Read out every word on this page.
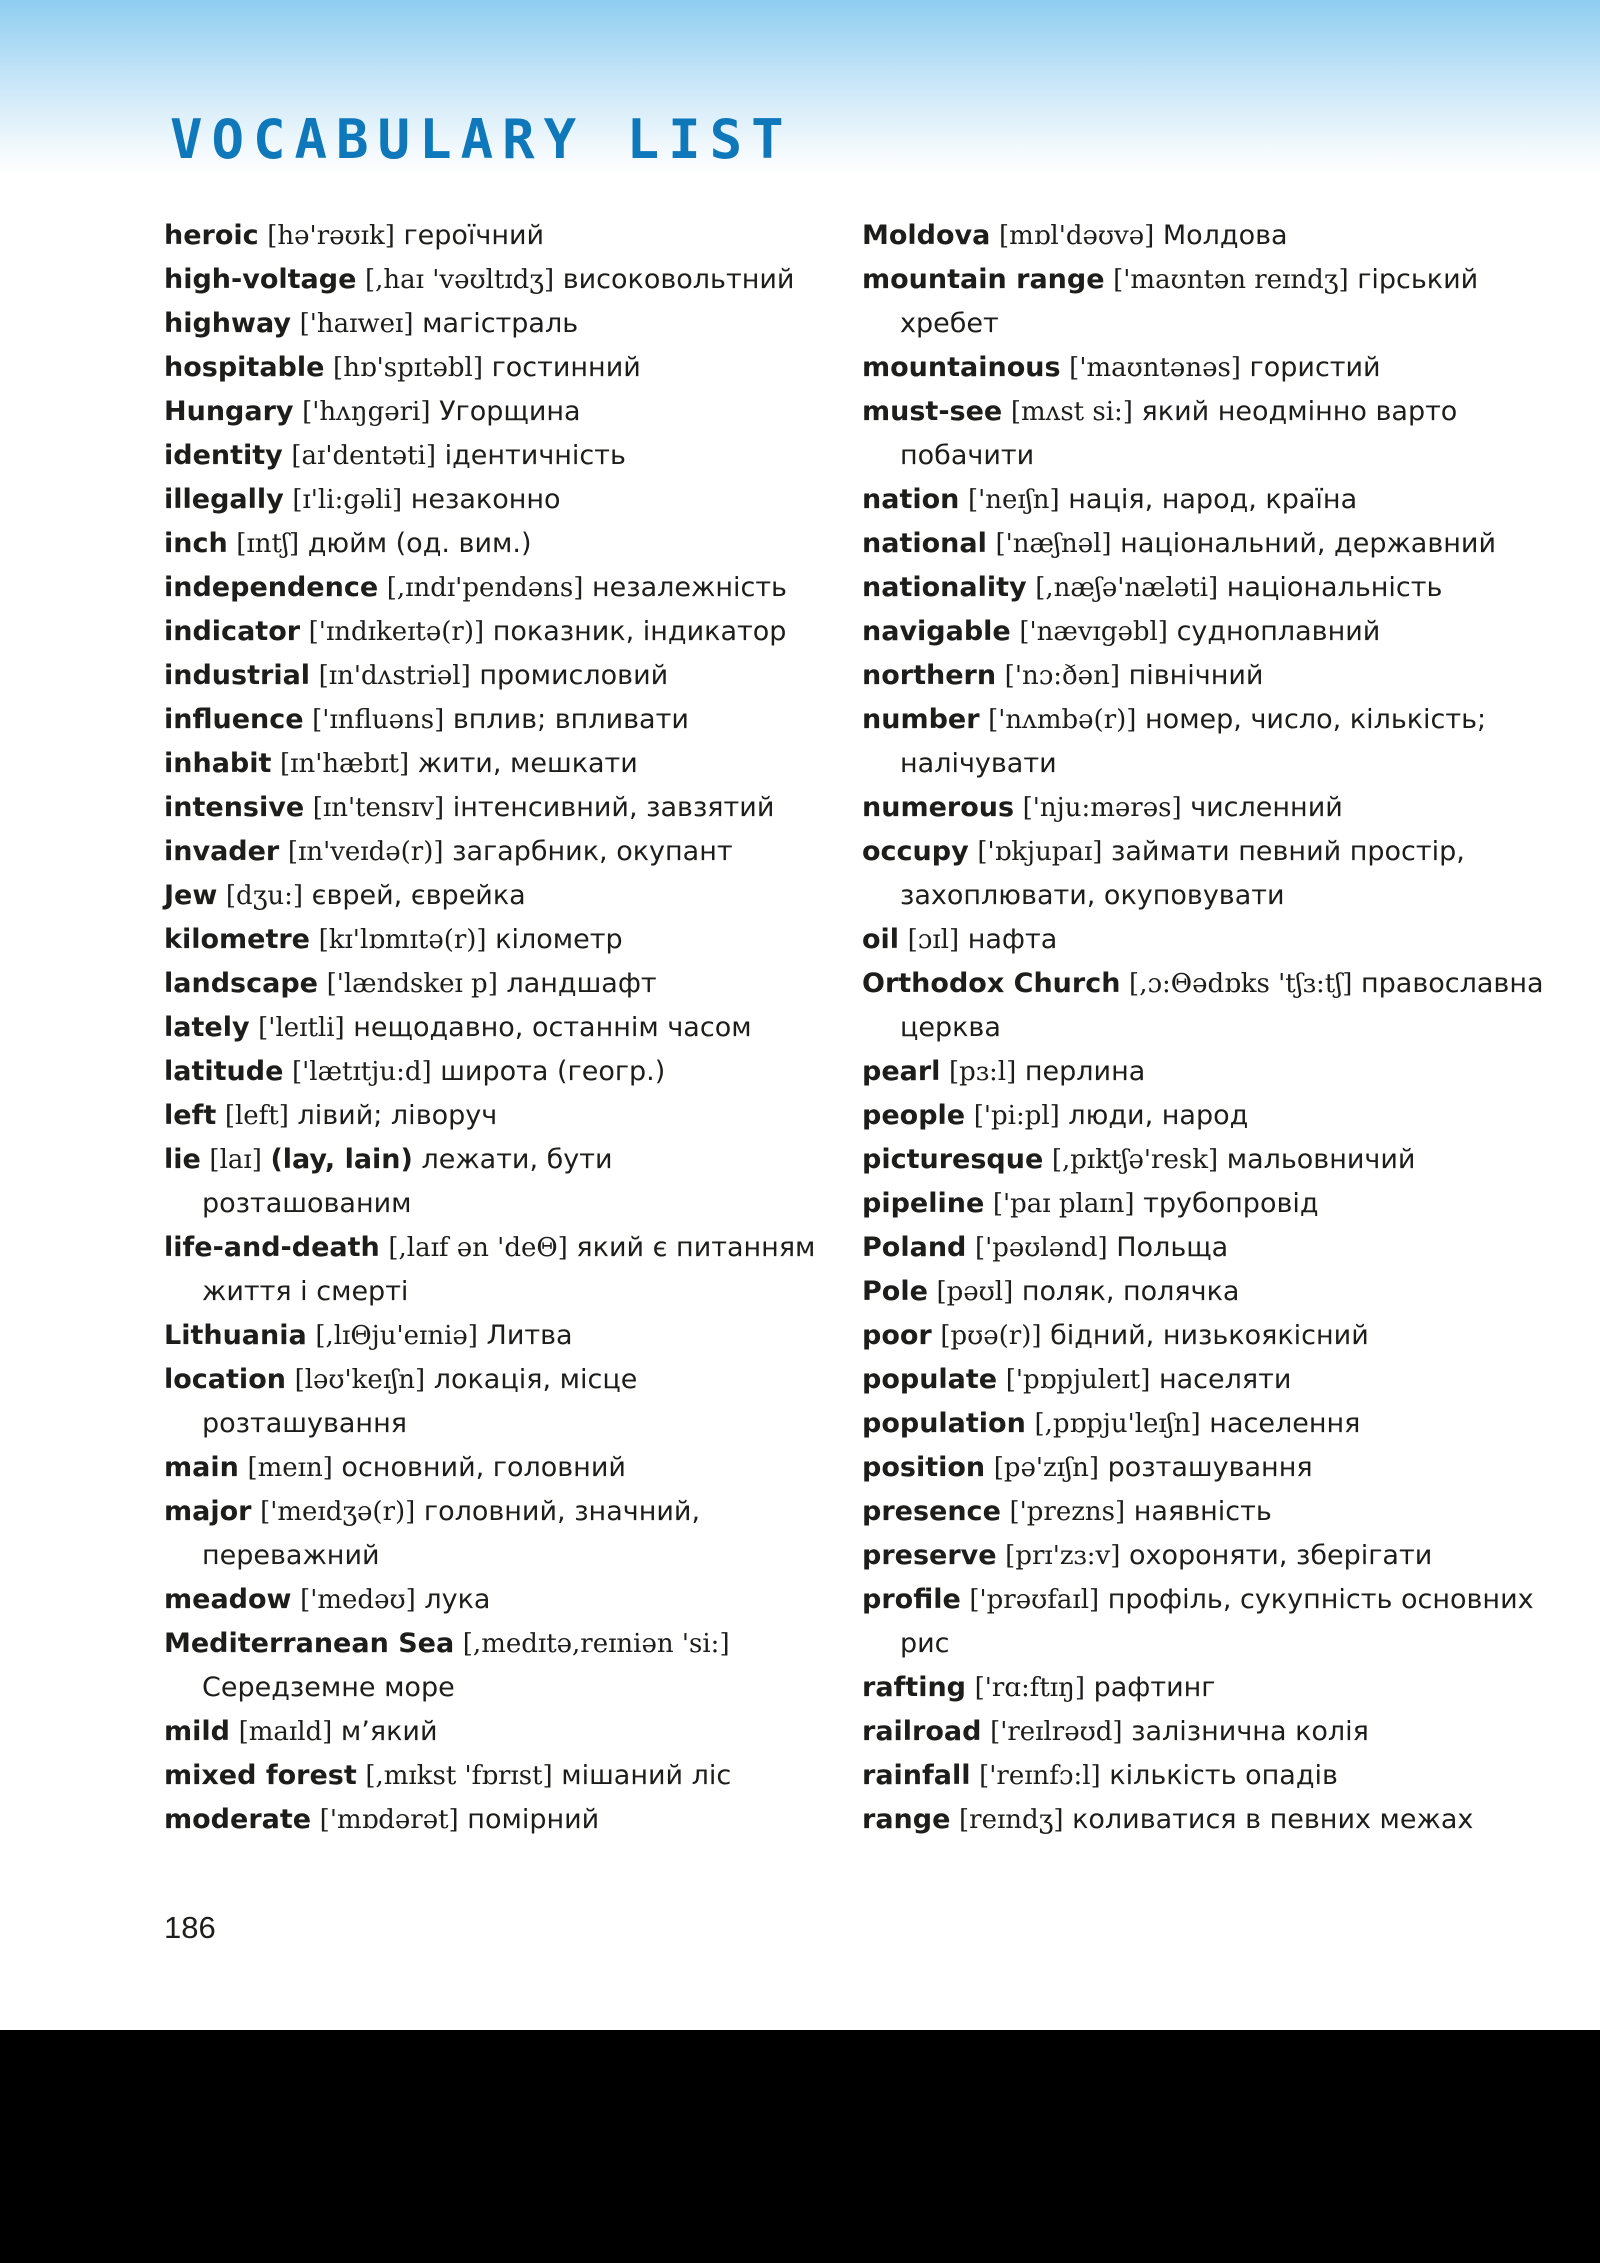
VOCABULARY LIST

heroic [hə'rəʊɪk] героїчний

high-voltage [,haɪ 'vəʊltɪdʒ] високовольтний

highway ['haɪweɪ] магістраль

hospitable [hɒ'spɪtəbl] гостинний

Hungary ['hʌŋgəri] Угорщина

identity [aɪ'dentəti] ідентичність

illegally [ɪ'li:gəli] незаконно

inch [ɪntʃ] дюйм (од. вим.)

independence [,ɪndɪ'pendəns] незалежність

indicator ['ɪndɪkeɪtə(r)] показник, індикатор

industrial [ɪn'dʌstriəl] промисловий

influence ['ɪnfluəns] вплив; впливати

inhabit [ɪn'hæbɪt] жити, мешкати

intensive [ɪn'tensɪv] інтенсивний, завзятий

invader [ɪn'veɪdə(r)] загарбник, окупант

Jew [dʒu:] єврей, єврейка

kilometre [kɪ'lɒmɪtə(r)] кілометр

landscape ['lændskeɪ p] ландшафт

lately ['leɪtli] нещодавно, останнім часом

latitude ['lætɪtju:d] широта (геогр.)

left [left] лівий; ліворуч

lie [laɪ] (lay, lain) лежати, бути розташованим

life-and-death [,laɪf ən 'deΘ] який є питанням життя і смерті

Lithuania [,lɪΘju'eɪniə] Литва

location [ləʊ'keɪʃn] локація, місце розташування

main [meɪn] основний, головний

major ['meɪdʒə(r)] головний, значний, переважний

meadow ['medəʊ] лука

Mediterranean Sea [,medɪtə,reɪniən 'si:] Середземне море

mild [maɪld] м’який

mixed forest [,mɪkst 'fɒrɪst] мішаний ліс

moderate ['mɒdərət] помірний

Moldova [mɒl'dəʊvə] Молдова

mountain range ['maʊntən reɪndʒ] гірський хребет

mountainous ['maʊntənəs] гористий

must-see [mʌst si:] який неодмінно варто побачити

nation ['neɪʃn] нація, народ, країна

national ['næʃnəl] національний, державний

nationality [,næʃə'næləti] національність

navigable ['nævɪgəbl] судноплавний

northern ['nɔ:ðən] північний

number ['nʌmbə(r)] номер, число, кількість; налічувати

numerous ['nju:mərəs] численний

occupy ['ɒkjupaɪ] займати певний простір, захоплювати, окуповувати

oil [ɔɪl] нафта

Orthodox Church [,ɔ:Θədɒks 'tʃɜ:tʃ] православна церква

pearl [pɜ:l] перлина

people ['pi:pl] люди, народ

picturesque [,pɪktʃə'resk] мальовничий

pipeline ['paɪ plaɪn] трубопровід

Poland ['pəʊlənd] Польща

Pole [pəʊl] поляк, полячка

poor [pʊə(r)] бідний, низькоякісний

populate ['pɒpjuleɪt] населяти

population [,pɒpju'leɪʃn] населення

position [pə'zɪʃn] розташування

presence ['prezns] наявність

preserve [prɪ'zɜ:v] охороняти, зберігати

profile ['prəʊfaɪl] профіль, сукупність основних рис

rafting ['rɑ:ftɪŋ] рафтинг

railroad ['reɪlrəʊd] залізнична колія

rainfall ['reɪnfɔ:l] кількість опадів

range [reɪndʒ] коливатися в певних межах

186
